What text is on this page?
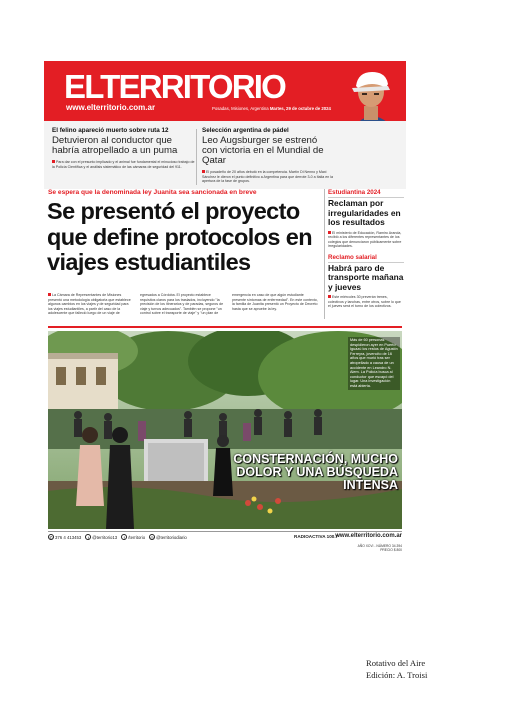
ELTERRITORIO
www.elterritorio.com.ar	Posadas, Misiones, Argentina Martes, 29 de octubre de 2024
El felino apareció muerto sobre ruta 12
Detuvieron al conductor que habría atropellado a un puma
Para dar con el presunto implicado y el animal fue fundamental el minucioso trabajo de la Policía Científica y el análisis sistemático de las cámaras de seguridad del 911.
Selección argentina de pádel
Leo Augsburger se estrenó con victoria en el Mundial de Qatar
El posadeño de 20 años debutó en la competencia. Martín Di Nenno y Maxi Sánchez le dieron el punto definitivo a Argentina para que derrote 3-0 a Italia en la apertura de la fase de grupos.
Se espera que la denominada ley Juanita sea sancionada en breve
Se presentó el proyecto que define protocolos en viajes estudiantiles
La Cámara de Representantes de Misiones presentó una metodología obligatoria que establece algunos cambios en los viajes y de seguridad para los viajes estudiantiles, a partir del caso de la adolescente que falleció luego de un viaje de egresados a Córdoba. El proyecto establece requisitos claros para los traslados, incluyendo "la precisión de los itinerarios y de paradas, seguros de viaje y turnos adecuados". También se propone "un control sobre el transporte de viaje" y "un plan de emergencia en caso de que algún estudiante presente síntomas de enfermedad". En este contexto, la familia de Juanita presentó un Proyecto de Decreto hasta que se apruebe la ley.
Estudiantina 2024
Reclaman por irregularidades en los resultados
El ministerio de Educación, Ramiro Aranda, recibió a los diferentes representantes de los colegios que denunciaron públicamente sobre irregularidades.
Reclamo salarial
Habrá paro de transporte mañana y jueves
Este miércoles 30 preverán trenes, colectivos y lanchas, entre otros, sobre lo que el jueves será el turno de los colectivos.
Más de 60 personas despidieron ayer en Puerto Iguazú los restos de Agustín Ferreyra, jovencito de 16 años que murió tras ser atropellado a causa de un accidente en Leandro N. Alem. La Policía busca al conductor que escapó del lugar. Una investigación está abierta.
CONSTERNACIÓN, MUCHO DOLOR Y UNA BÚSQUEDA INTENSA
✆ 376 4 413453	t @territorio13	f /territorio	◎ @territoriodiario	RADIOACTIVA 100.7
www.elterritorio.com.ar
AÑO XCVI - NÚMERO 34.394
PRECIO $ 800
Rotativo del Aire
Edición: A. Troisi
